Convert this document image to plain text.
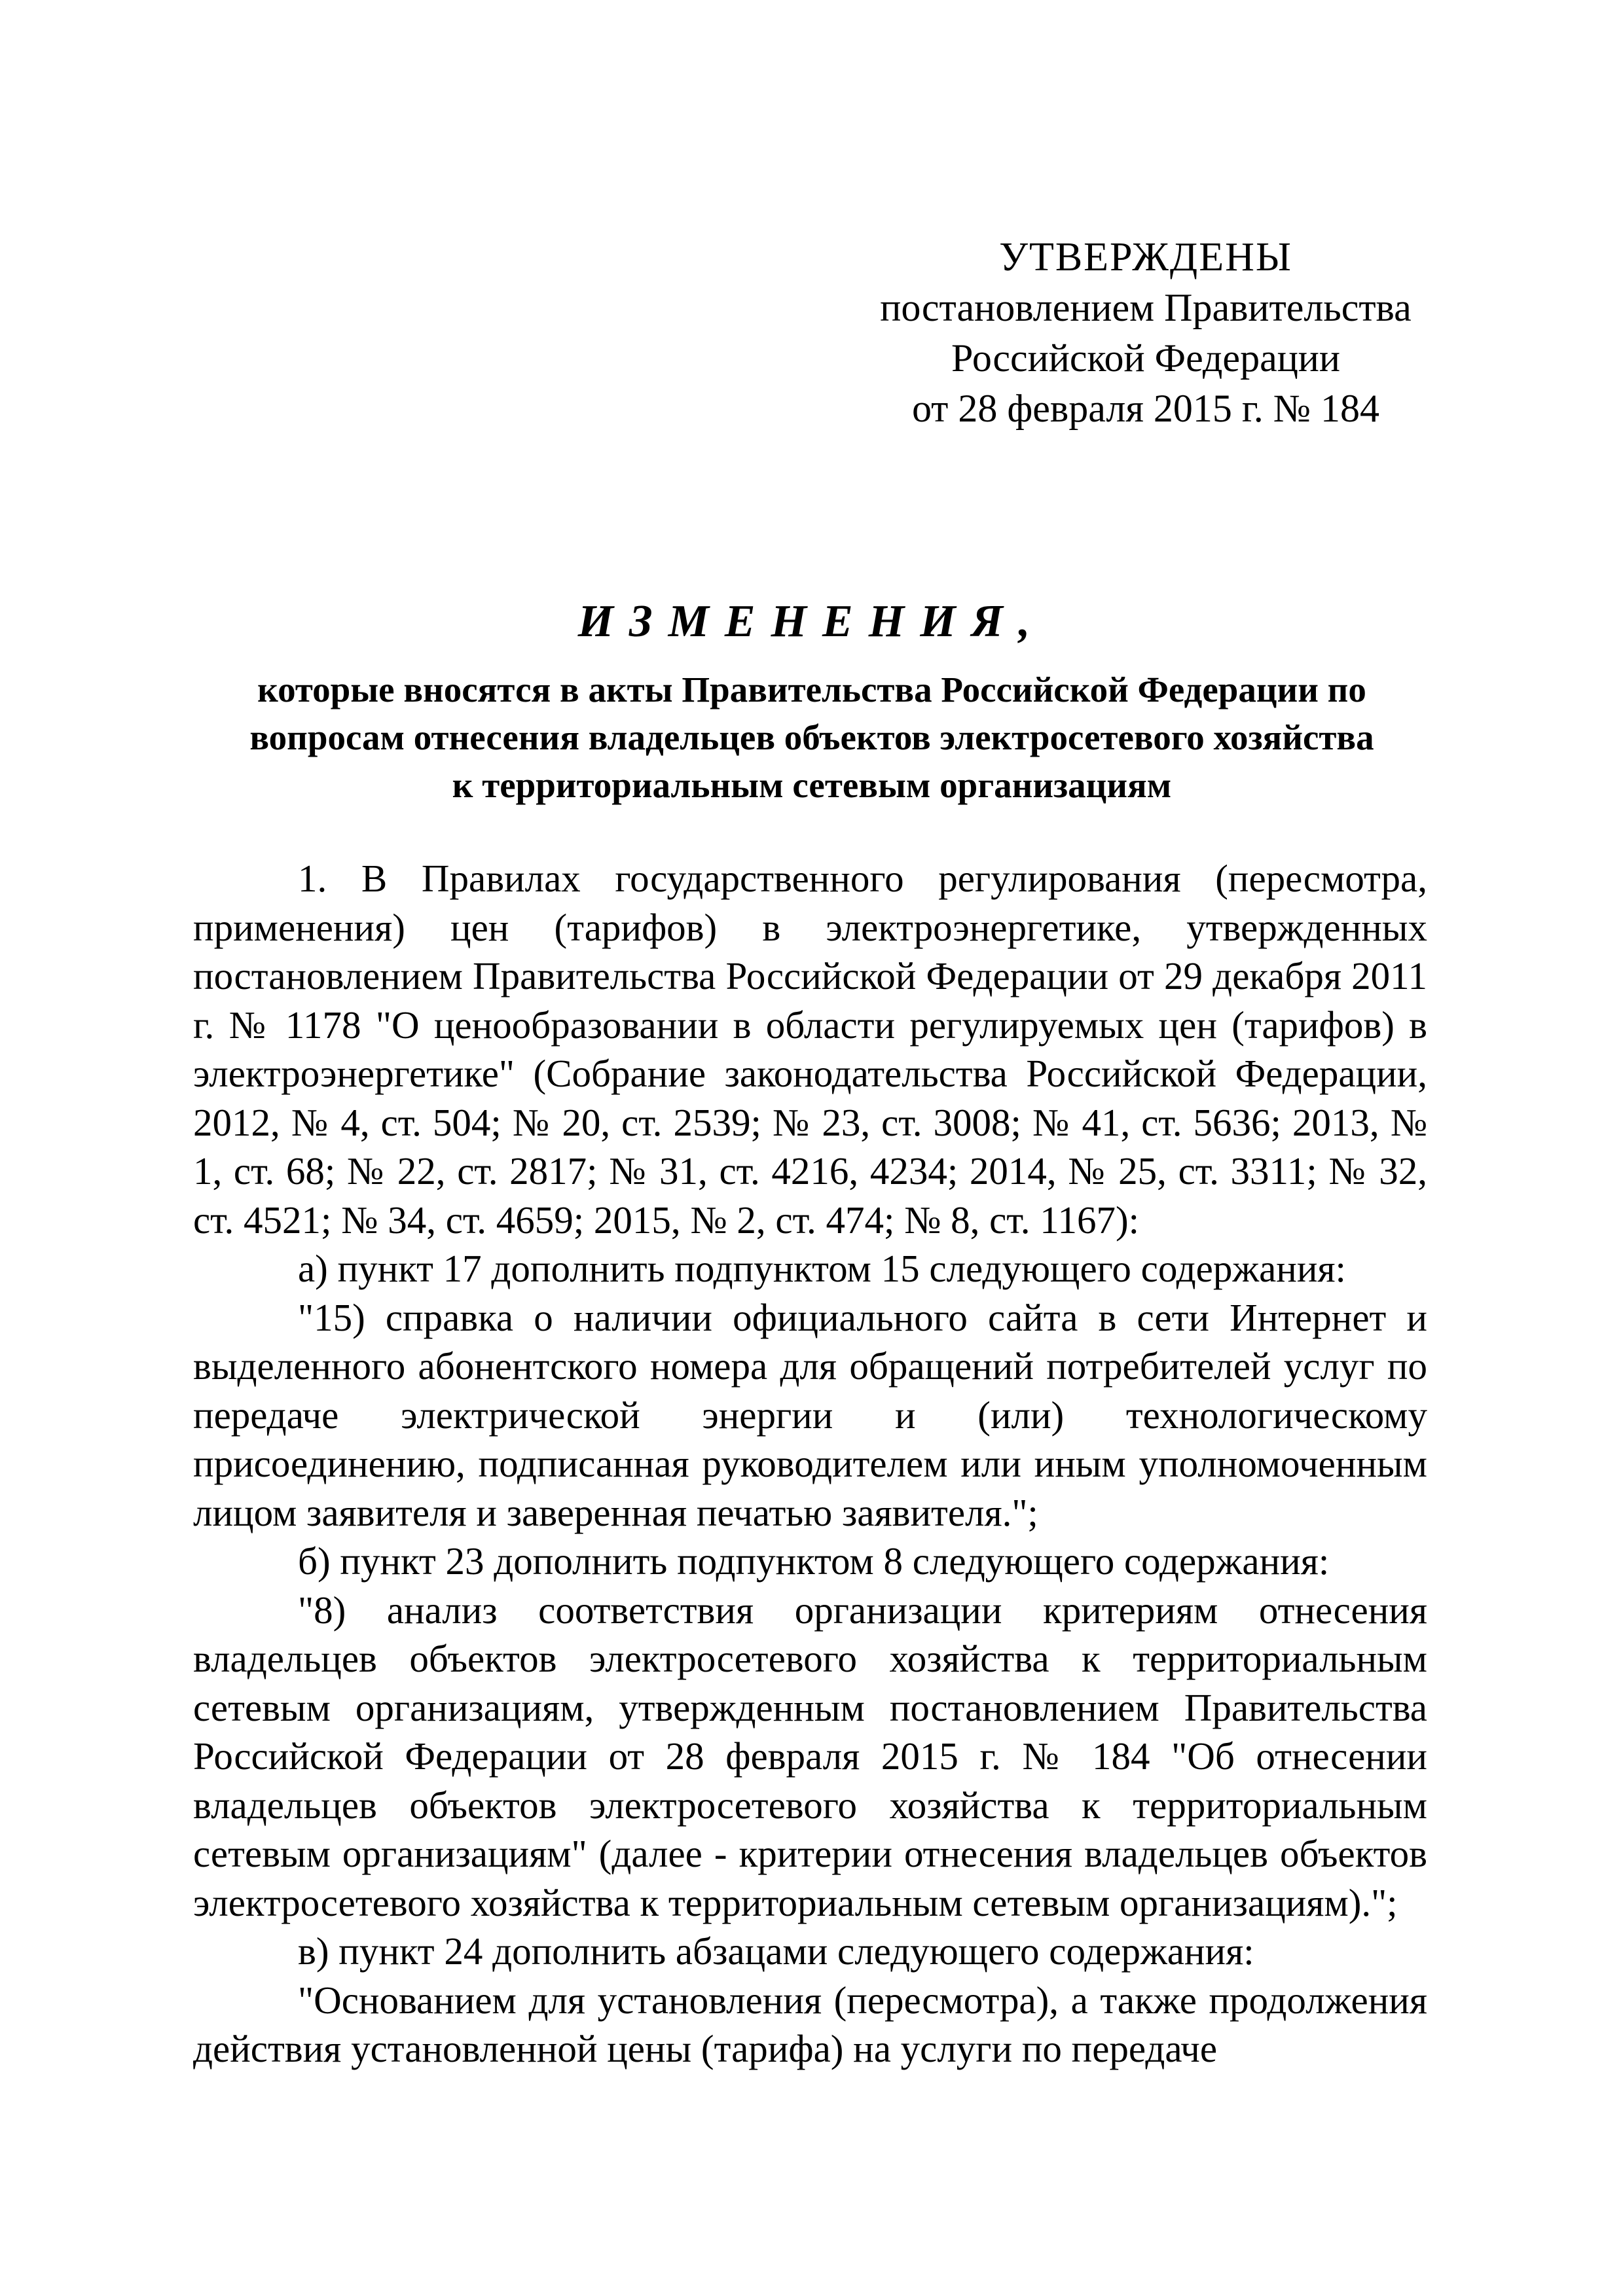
УТВЕРЖДЕНЫ
постановлением Правительства
Российской Федерации
от 28 февраля 2015 г. № 184
ИЗМЕНЕНИЯ,
которые вносятся в акты Правительства Российской Федерации по
вопросам отнесения владельцев объектов электросетевого хозяйства
к территориальным сетевым организациям

1. В Правилах государственного регулирования (пересмотра, применения) цен (тарифов) в электроэнергетике, утвержденных постановлением Правительства Российской Федерации от 29 декабря 2011 г. № 1178 "О ценообразовании в области регулируемых цен (тарифов) в электроэнергетике" (Собрание законодательства Российской Федерации, 2012, № 4, ст. 504; № 20, ст. 2539; № 23, ст. 3008; № 41, ст. 5636; 2013, № 1, ст. 68; № 22, ст. 2817; № 31, ст. 4216, 4234; 2014, № 25, ст. 3311; № 32, ст. 4521; № 34, ст. 4659; 2015, № 2, ст. 474; № 8, ст. 1167):

а) пункт 17 дополнить подпунктом 15 следующего содержания:

"15) справка о наличии официального сайта в сети Интернет и выделенного абонентского номера для обращений потребителей услуг по передаче электрической энергии и (или) технологическому присоединению, подписанная руководителем или иным уполномоченным лицом заявителя и заверенная печатью заявителя.";

б) пункт 23 дополнить подпунктом 8 следующего содержания:

"8) анализ соответствия организации критериям отнесения владельцев объектов электросетевого хозяйства к территориальным сетевым организациям, утвержденным постановлением Правительства Российской Федерации от 28 февраля 2015 г. № 184 "Об отнесении владельцев объектов электросетевого хозяйства к территориальным сетевым организациям" (далее - критерии отнесения владельцев объектов электросетевого хозяйства к территориальным сетевым организациям).";

в) пункт 24 дополнить абзацами следующего содержания:

"Основанием для установления (пересмотра), а также продолжения действия установленной цены (тарифа) на услуги по передаче
